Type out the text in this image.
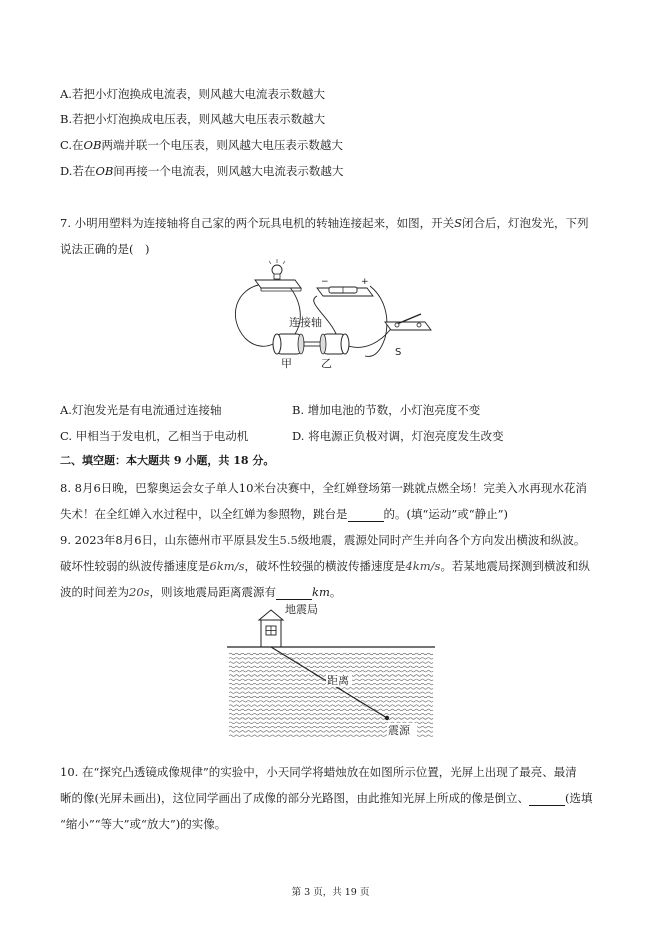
A.若把小灯泡换成电流表，则风越大电流表示数越大
B.若把小灯泡换成电压表，则风越大电压表示数越大
C.在OB两端并联一个电压表，则风越大电压表示数越大
D.若在OB间再接一个电流表，则风越大电流表示数越大
7. 小明用塑料为连接轴将自己家的两个玩具电机的转轴连接起来，如图，开关S闭合后，灯泡发光，下列
说法正确的是(　)
−	+
连接轴
甲	乙
S
A.灯泡发光是有电流通过连接轴	B. 增加电池的节数，小灯泡亮度不变
C. 甲相当于发电机，乙相当于电动机	D. 将电源正负极对调，灯泡亮度发生改变
二、填空题：本大题共 9 小题，共 18 分。
8. 8月6日晚，巴黎奥运会女子单人10米台决赛中，全红婵登场第一跳就点燃全场！完美入水再现水花消
失术！在全红婵入水过程中，以全红婵为参照物，跳台是	的。(填“运动”或“静止”)
9. 2023年8月6日，山东德州市平原县发生5.5级地震，震源处同时产生并向各个方向发出横波和纵波。
破坏性较弱的纵波传播速度是6km/s，破坏性较强的横波传播速度是4km/s。若某地震局探测到横波和纵
波的时间差为20s，则该地震局距离震源有	km。
地震局
距离
震源
10. 在“探究凸透镜成像规律”的实验中，小天同学将蜡烛放在如图所示位置，光屏上出现了最亮、最清
晰的像(光屏未画出)，这位同学画出了成像的部分光路图，由此推知光屏上所成的像是倒立、	(选填
“缩小”“等大”或“放大”)的实像。
第 3 页，共 19 页
